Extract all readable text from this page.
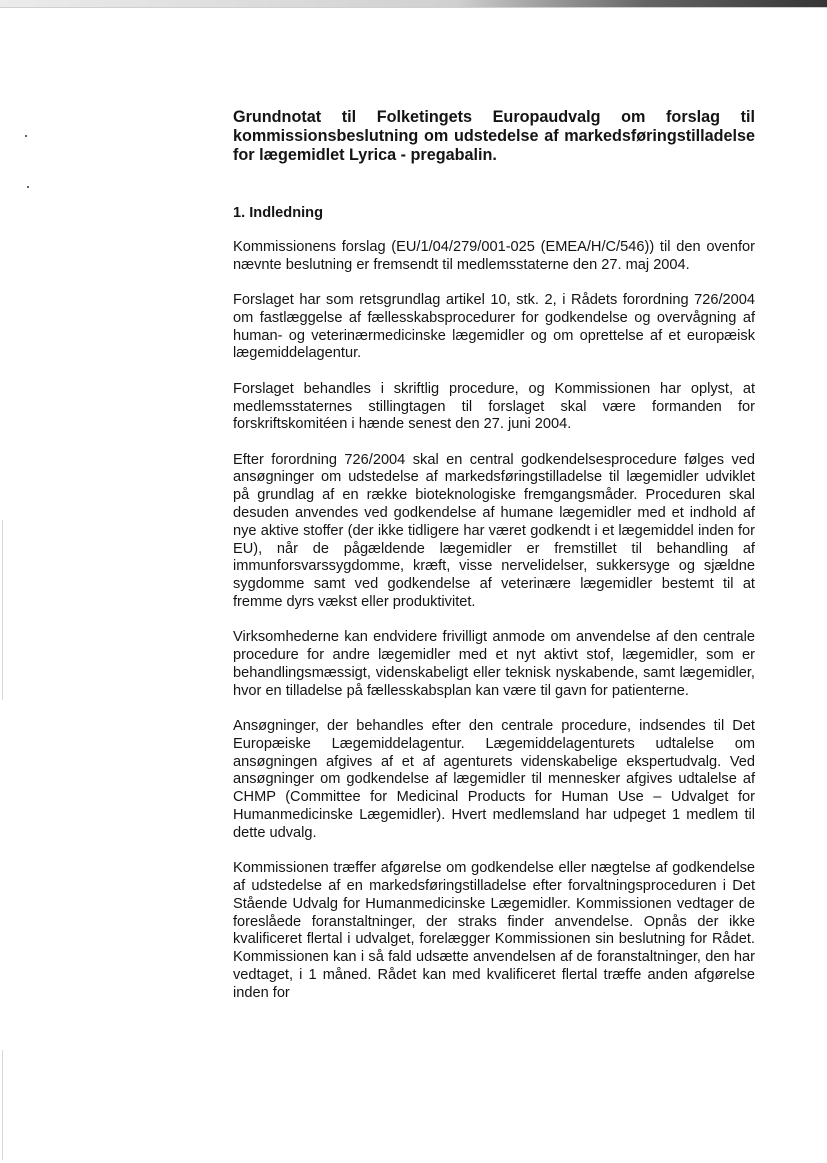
Grundnotat til Folketingets Europaudvalg om forslag til kommissionsbeslutning om udstedelse af markedsføringstilladelse for lægemidlet Lyrica - pregabalin.
1. Indledning

Kommissionens forslag (EU/1/04/279/001-025 (EMEA/H/C/546)) til den ovenfor nævnte beslutning er fremsendt til medlemsstaterne den 27. maj 2004.

Forslaget har som retsgrundlag artikel 10, stk. 2, i Rådets forordning 726/2004 om fastlæggelse af fællesskabsprocedurer for godkendelse og overvågning af human- og veterinærmedicinske lægemidler og om oprettelse af et europæisk lægemiddelagentur.

Forslaget behandles i skriftlig procedure, og Kommissionen har oplyst, at medlemsstaternes stillingtagen til forslaget skal være formanden for forskriftskomitéen i hænde senest den 27. juni 2004.

Efter forordning 726/2004 skal en central godkendelsesprocedure følges ved ansøgninger om udstedelse af markedsføringstilladelse til lægemidler udviklet på grundlag af en række bioteknologiske fremgangsmåder. Proceduren skal desuden anvendes ved godkendelse af humane lægemidler med et indhold af nye aktive stoffer (der ikke tidligere har været godkendt i et lægemiddel inden for EU), når de pågældende lægemidler er fremstillet til behandling af immunforsvarssygdomme, kræft, visse nervelidelser, sukkersyge og sjældne sygdomme samt ved godkendelse af veterinære lægemidler bestemt til at fremme dyrs vækst eller produktivitet.

Virksomhederne kan endvidere frivilligt anmode om anvendelse af den centrale procedure for andre lægemidler med et nyt aktivt stof, lægemidler, som er behandlingsmæssigt, videnskabeligt eller teknisk nyskabende, samt lægemidler, hvor en tilladelse på fællesskabsplan kan være til gavn for patienterne.

Ansøgninger, der behandles efter den centrale procedure, indsendes til Det Europæiske Lægemiddelagentur. Lægemiddelagenturets udtalelse om ansøgningen afgives af et af agenturets videnskabelige ekspertudvalg. Ved ansøgninger om godkendelse af lægemidler til mennesker afgives udtalelse af CHMP (Committee for Medicinal Products for Human Use – Udvalget for Humanmedicinske Lægemidler). Hvert medlemsland har udpeget 1 medlem til dette udvalg.

Kommissionen træffer afgørelse om godkendelse eller nægtelse af godkendelse af udstedelse af en markedsføringstilladelse efter forvaltningsproceduren i Det Stående Udvalg for Humanmedicinske Lægemidler. Kommissionen vedtager de foreslåede foranstaltninger, der straks finder anvendelse. Opnås der ikke kvalificeret flertal i udvalget, forelægger Kommissionen sin beslutning for Rådet. Kommissionen kan i så fald udsætte anvendelsen af de foranstaltninger, den har vedtaget, i 1 måned. Rådet kan med kvalificeret flertal træffe anden afgørelse inden for
